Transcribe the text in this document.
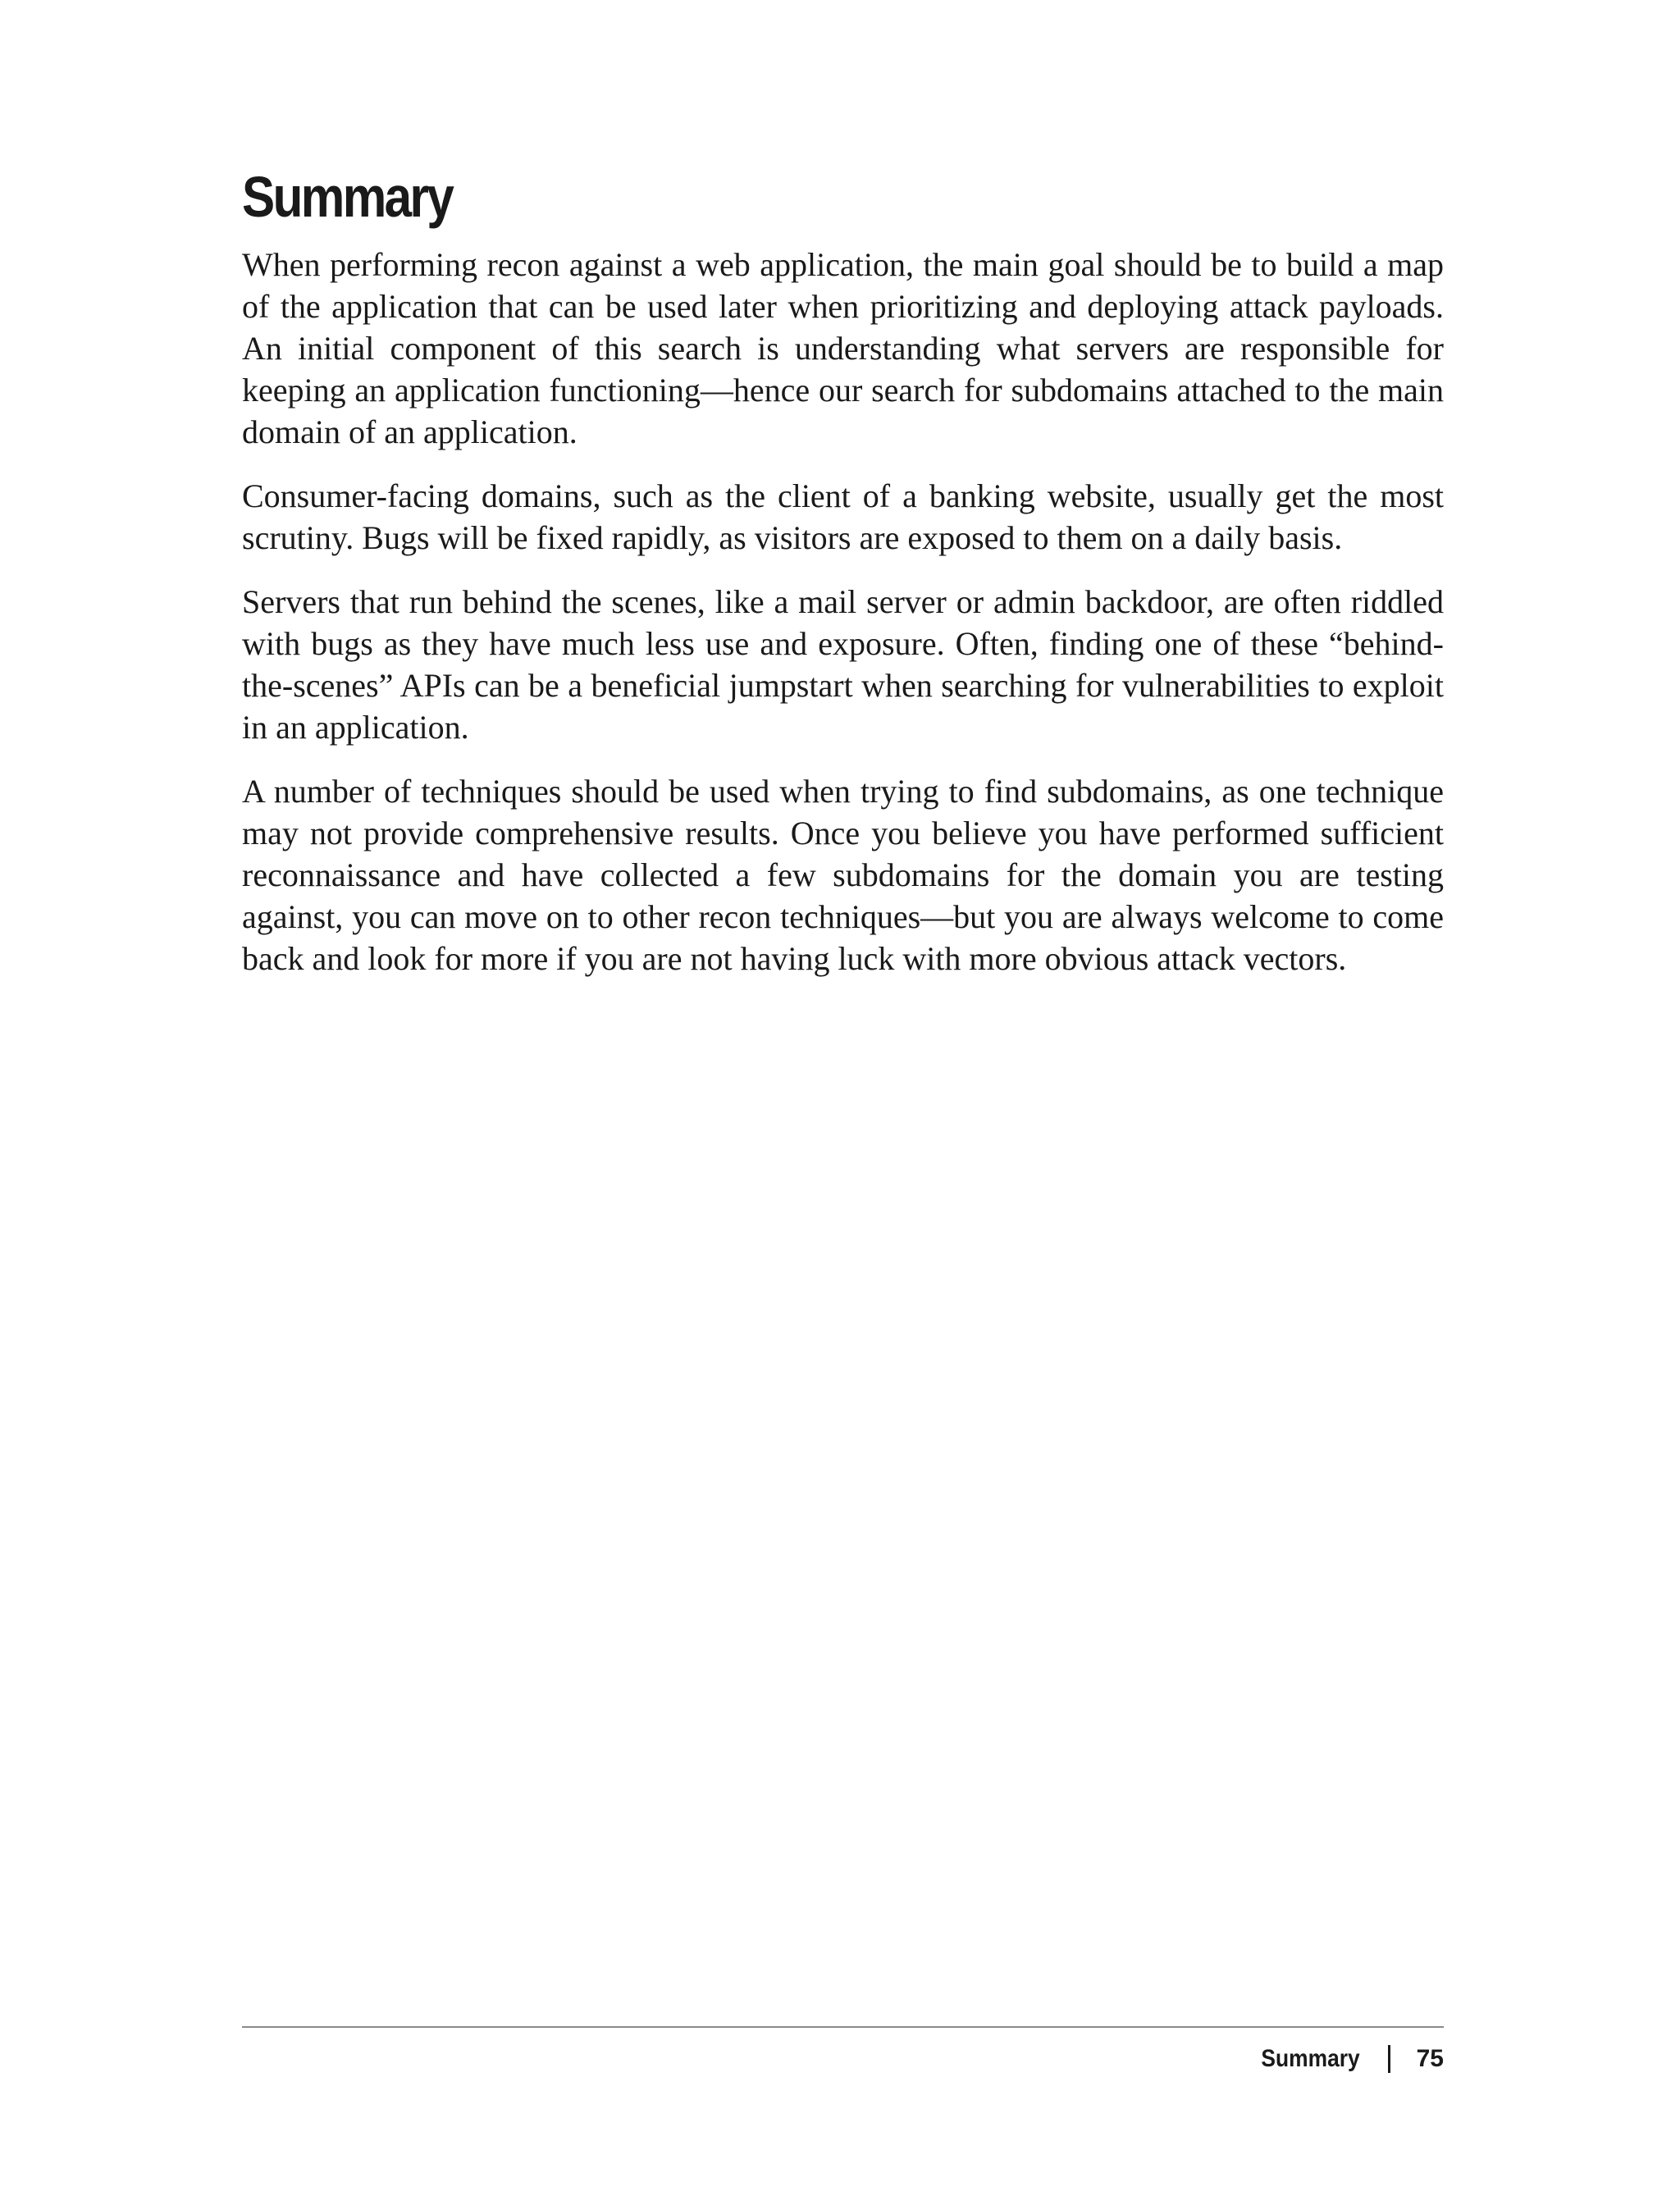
Summary

When performing recon against a web application, the main goal should be to build a map of the application that can be used later when prioritizing and deploying attack payloads. An initial component of this search is understanding what servers are responsible for keeping an application functioning—hence our search for subdomains attached to the main domain of an application.

Consumer-facing domains, such as the client of a banking website, usually get the most scrutiny. Bugs will be fixed rapidly, as visitors are exposed to them on a daily basis.

Servers that run behind the scenes, like a mail server or admin backdoor, are often riddled with bugs as they have much less use and exposure. Often, finding one of these “behind-the-scenes” APIs can be a beneficial jumpstart when searching for vulnerabilities to exploit in an application.

A number of techniques should be used when trying to find subdomains, as one technique may not provide comprehensive results. Once you believe you have performed sufficient reconnaissance and have collected a few subdomains for the domain you are testing against, you can move on to other recon techniques—but you are always welcome to come back and look for more if you are not having luck with more obvious attack vectors.

Summary 75
